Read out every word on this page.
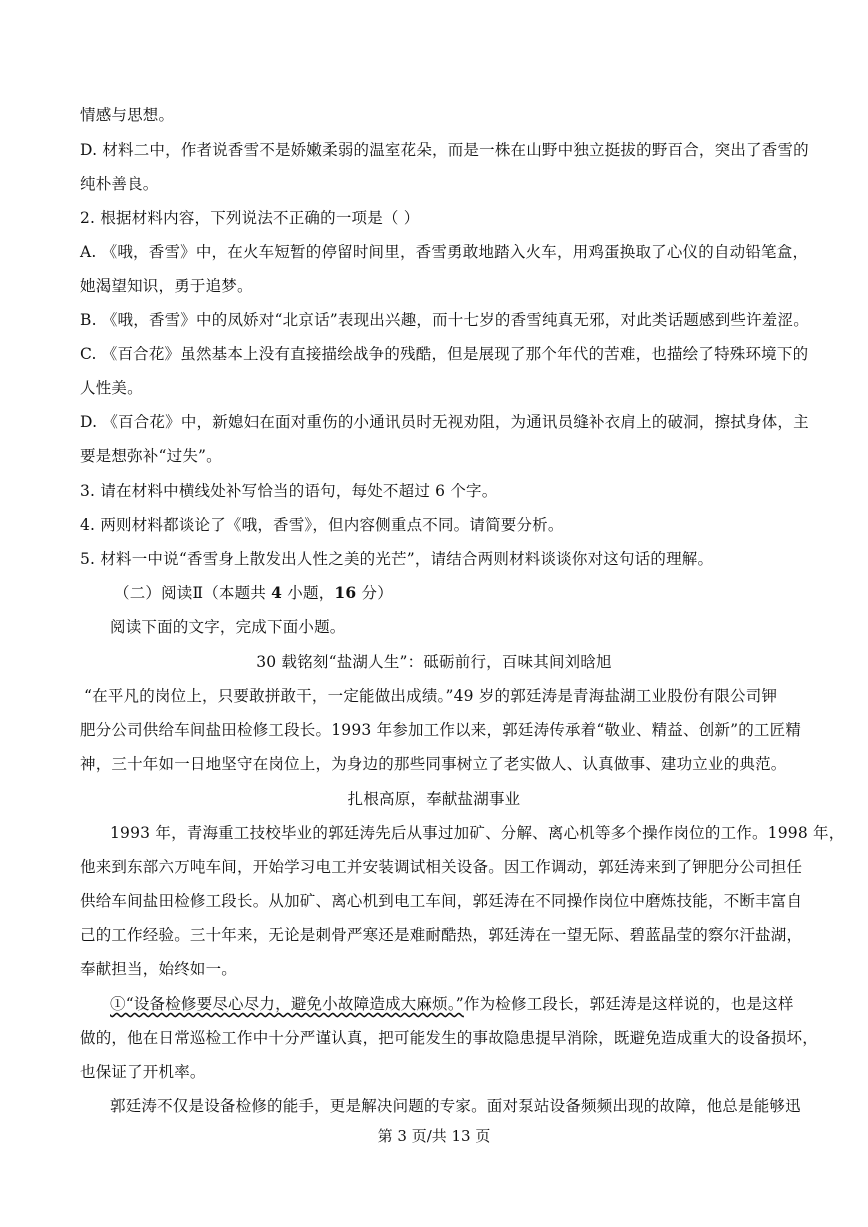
情感与思想。
D. 材料二中，作者说香雪不是娇嫩柔弱的温室花朵，而是一株在山野中独立挺拔的野百合，突出了香雪的
纯朴善良。
2. 根据材料内容，下列说法不正确的一项是（ ）
A. 《哦，香雪》中，在火车短暂的停留时间里，香雪勇敢地踏入火车，用鸡蛋换取了心仪的自动铅笔盒，
她渴望知识，勇于追梦。
B. 《哦，香雪》中的凤娇对“北京话”表现出兴趣，而十七岁的香雪纯真无邪，对此类话题感到些许羞涩。
C. 《百合花》虽然基本上没有直接描绘战争的残酷，但是展现了那个年代的苦难，也描绘了特殊环境下的
人性美。
D. 《百合花》中，新媳妇在面对重伤的小通讯员时无视劝阻，为通讯员缝补衣肩上的破洞，擦拭身体，主
要是想弥补“过失”。
3. 请在材料中横线处补写恰当的语句，每处不超过 6 个字。
4. 两则材料都谈论了《哦，香雪》，但内容侧重点不同。请简要分析。
5. 材料一中说“香雪身上散发出人性之美的光芒”，请结合两则材料谈谈你对这句话的理解。
（二）阅读Ⅱ（本题共 4 小题，16 分）
阅读下面的文字，完成下面小题。
30 载铭刻“盐湖人生”：砥砺前行，百味其间刘晗旭
“在平凡的岗位上，只要敢拼敢干，一定能做出成绩。”49 岁的郭廷涛是青海盐湖工业股份有限公司钾
肥分公司供给车间盐田检修工段长。1993 年参加工作以来，郭廷涛传承着“敬业、精益、创新”的工匠精
神，三十年如一日地坚守在岗位上，为身边的那些同事树立了老实做人、认真做事、建功立业的典范。
扎根高原，奉献盐湖事业
1993 年，青海重工技校毕业的郭廷涛先后从事过加矿、分解、离心机等多个操作岗位的工作。1998 年，
他来到东部六万吨车间，开始学习电工并安装调试相关设备。因工作调动，郭廷涛来到了钾肥分公司担任
供给车间盐田检修工段长。从加矿、离心机到电工车间，郭廷涛在不同操作岗位中磨炼技能，不断丰富自
己的工作经验。三十年来，无论是刺骨严寒还是难耐酷热，郭廷涛在一望无际、碧蓝晶莹的察尔汗盐湖，
奉献担当，始终如一。
①“设备检修要尽心尽力，避免小故障造成大麻烦。”作为检修工段长，郭廷涛是这样说的，也是这样
做的，他在日常巡检工作中十分严谨认真，把可能发生的事故隐患提早消除，既避免造成重大的设备损坏，
也保证了开机率。
郭廷涛不仅是设备检修的能手，更是解决问题的专家。面对泵站设备频频出现的故障，他总是能够迅
第 3 页/共 13 页
